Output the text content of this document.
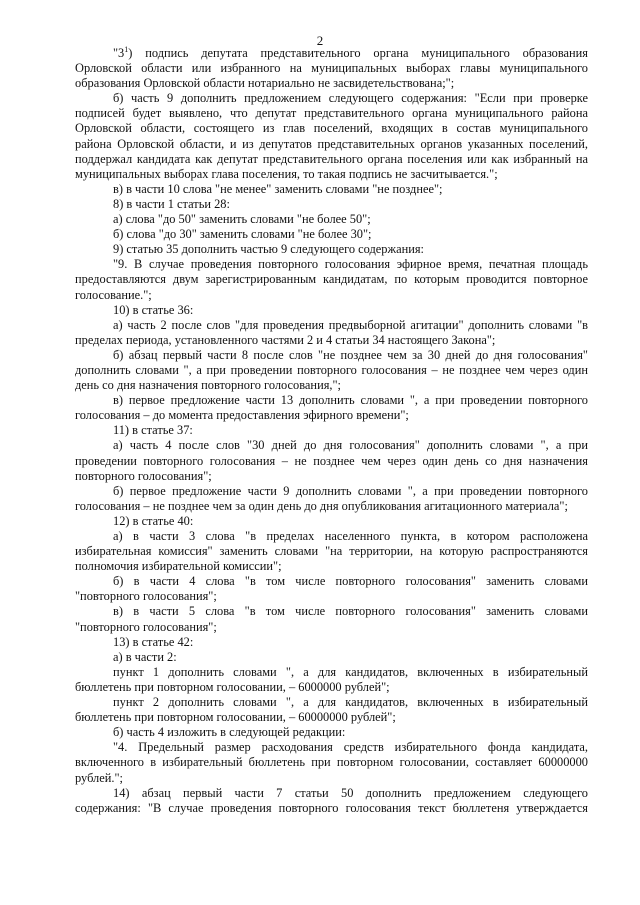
2
"$3^1$) подпись депутата представительного органа муниципального образования
Орловской области или избранного на муниципальных выборах главы муниципального
образования Орловской области нотариально не засвидетельствована;";
б) часть 9 дополнить предложением следующего содержания: "Если при проверке
подписей будет выявлено, что депутат представительного органа муниципального района
Орловской области, состоящего из глав поселений, входящих в состав муниципального
района Орловской области, и из депутатов представительных органов указанных поселений,
поддержал кандидата как депутат представительного органа поселения или как избранный на
муниципальных выборах глава поселения, то такая подпись не засчитывается.";
в) в части 10 слова "не менее" заменить словами "не позднее";
8) в части 1 статьи 28:
а) слова "до 50" заменить словами "не более 50";
б) слова "до 30" заменить словами "не более 30";
9) статью 35 дополнить частью 9 следующего содержания:
"9. В случае проведения повторного голосования эфирное время, печатная площадь
предоставляются двум зарегистрированным кандидатам, по которым проводится повторное
голосование.";
10) в статье 36:
а) часть 2 после слов "для проведения предвыборной агитации" дополнить словами "в
пределах периода, установленного частями 2 и 4 статьи 34 настоящего Закона";
б) абзац первый части 8 после слов "не позднее чем за 30 дней до дня голосования"
дополнить словами ", а при проведении повторного голосования – не позднее чем через один
день со дня назначения повторного голосования,";
в) первое предложение части 13 дополнить словами ", а при проведении повторного
голосования – до момента предоставления эфирного времени";
11) в статье 37:
а) часть 4 после слов "30 дней до дня голосования" дополнить словами ", а при
проведении повторного голосования – не позднее чем через один день со дня назначения
повторного голосования";
б) первое предложение части 9 дополнить словами ", а при проведении повторного
голосования – не позднее чем за один день до дня опубликования агитационного материала";
12) в статье 40:
а) в части 3 слова "в пределах населенного пункта, в котором расположена
избирательная комиссия" заменить словами "на территории, на которую распространяются
полномочия избирательной комиссии";
б) в части 4 слова "в том числе повторного голосования" заменить словами
"повторного голосования";
в) в части 5 слова "в том числе повторного голосования" заменить словами
"повторного голосования";
13) в статье 42:
а) в части 2:
пункт 1 дополнить словами ", а для кандидатов, включенных в избирательный
бюллетень при повторном голосовании, – 6000000 рублей";
пункт 2 дополнить словами ", а для кандидатов, включенных в избирательный
бюллетень при повторном голосовании, – 60000000 рублей";
б) часть 4 изложить в следующей редакции:
"4. Предельный размер расходования средств избирательного фонда кандидата,
включенного в избирательный бюллетень при повторном голосовании, составляет 60000000
рублей.";
14) абзац первый части 7 статьи 50 дополнить предложением следующего
содержания: "В случае проведения повторного голосования текст бюллетеня утверждается
